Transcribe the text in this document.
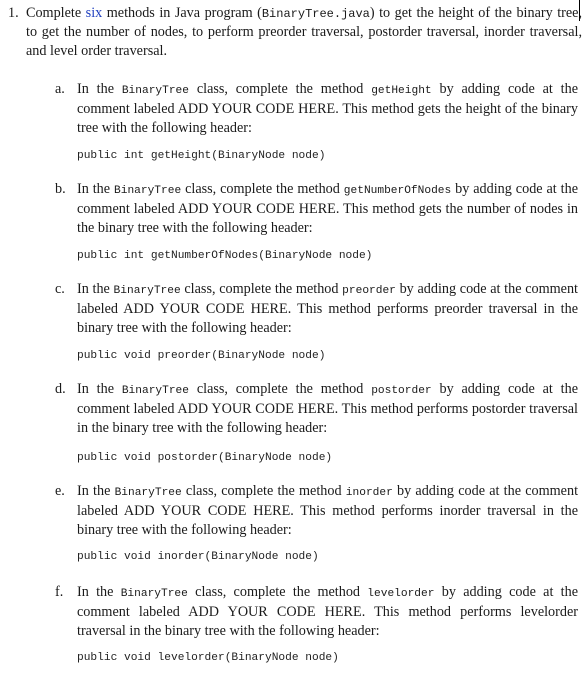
1. Complete six methods in Java program (BinaryTree.java) to get the height of the binary tree, to get the number of nodes, to perform preorder traversal, postorder traversal, inorder traversal, and level order traversal.
a. In the BinaryTree class, complete the method getHeight by adding code at the comment labeled ADD YOUR CODE HERE. This method gets the height of the binary tree with the following header:
public int getHeight(BinaryNode node)
b. In the BinaryTree class, complete the method getNumberOfNodes by adding code at the comment labeled ADD YOUR CODE HERE. This method gets the number of nodes in the binary tree with the following header:
public int getNumberOfNodes(BinaryNode node)
c. In the BinaryTree class, complete the method preorder by adding code at the comment labeled ADD YOUR CODE HERE. This method performs preorder traversal in the binary tree with the following header:
public void preorder(BinaryNode node)
d. In the BinaryTree class, complete the method postorder by adding code at the comment labeled ADD YOUR CODE HERE. This method performs postorder traversal in the binary tree with the following header:
public void postorder(BinaryNode node)
e. In the BinaryTree class, complete the method inorder by adding code at the comment labeled ADD YOUR CODE HERE. This method performs inorder traversal in the binary tree with the following header:
public void inorder(BinaryNode node)
f. In the BinaryTree class, complete the method levelorder by adding code at the comment labeled ADD YOUR CODE HERE. This method performs levelorder traversal in the binary tree with the following header:
public void levelorder(BinaryNode node)
